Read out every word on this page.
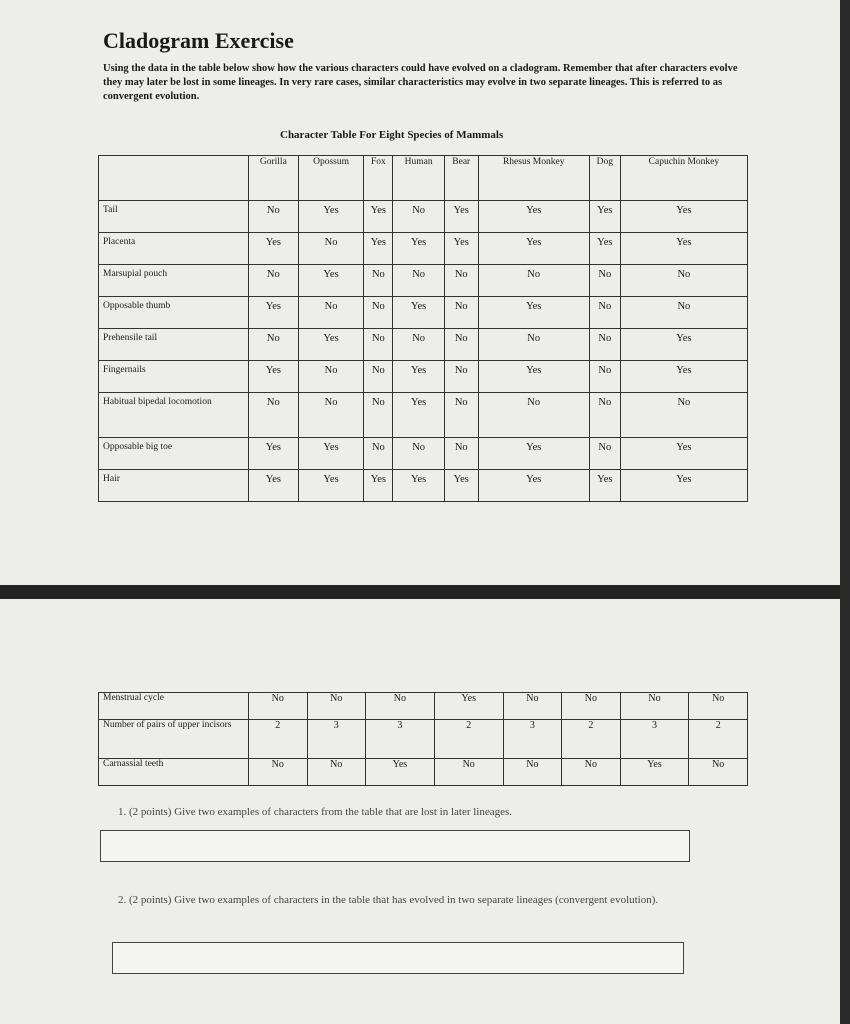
Cladogram Exercise
Using the data in the table below show how the various characters could have evolved on a cladogram. Remember that after characters evolve they may later be lost in some lineages. In very rare cases, similar characteristics may evolve in two separate lineages. This is referred to as convergent evolution.
Character Table For Eight Species of Mammals
	Gorilla	Opossum	Fox	Human	Bear	Rhesus Monkey	Dog	Capuchin Monkey
Tail	No	Yes	Yes	No	Yes	Yes	Yes	Yes
Placenta	Yes	No	Yes	Yes	Yes	Yes	Yes	Yes
Marsupial pouch	No	Yes	No	No	No	No	No	No
Opposable thumb	Yes	No	No	Yes	No	Yes	No	No
Prehensile tail	No	Yes	No	No	No	No	No	Yes
Fingernails	Yes	No	No	Yes	No	Yes	No	Yes
Habitual bipedal locomotion	No	No	No	Yes	No	No	No	No
Opposable big toe	Yes	Yes	No	No	No	Yes	No	Yes
Hair	Yes	Yes	Yes	Yes	Yes	Yes	Yes	Yes
Menstrual cycle	No	No	No	Yes	No	No	No	No
Number of pairs of upper incisors	2	3	3	2	3	2	3	2
Carnassial teeth	No	No	Yes	No	No	No	Yes	No
1. (2 points) Give two examples of characters from the table that are lost in later lineages.
2. (2 points) Give two examples of characters in the table that has evolved in two separate lineages (convergent evolution).
